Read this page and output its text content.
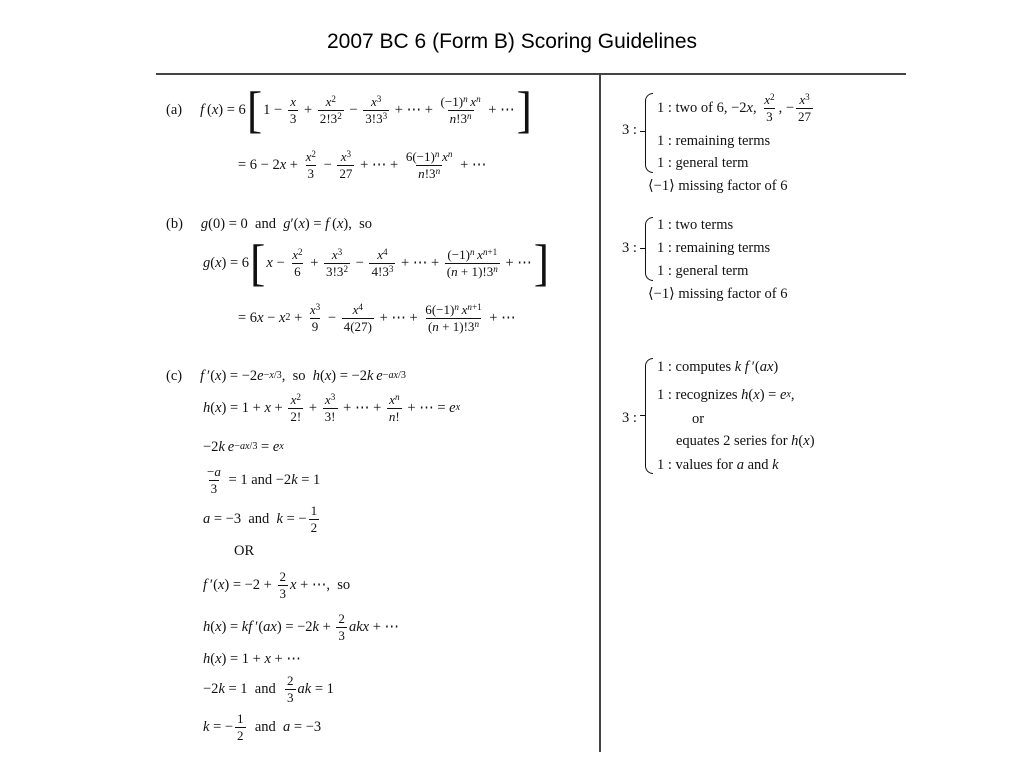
2007 BC 6 (Form B) Scoring Guidelines
(a) f  ( x ) = 6 [ $1 - \frac{x}{3} + \frac{x^2}{2!3^2} - \frac{x^3}{3!3^3}$ + ⋯ + $\frac{(-1)^n x^n}{n!3^n}$ + ⋯ ]
= 6 − 2 $x + \frac{x^2}{3} - \frac{x^3}{27}$ + ⋯ + $\frac{6(-1)^n x^n}{n!3^n}$ + ⋯
(b) g (0) = 0  and g ′( x ) = f  ( x ),  so
g ( x ) = 6 [ $x - \frac{x^2}{6} + \frac{x^3}{3!3^2} - \frac{x^4}{4!3^3}$ + ⋯ + $\frac{(-1)^n x^{n+1}}{(n + 1)!3^n}$ + ⋯ ]
= 6 x − x $2 + \frac{x^3}{9} - \frac{x^4}{4(27)}$ + ⋯ + $\frac{6(-1)^n x^{n+1}}{(n + 1)!3^n}$ + ⋯
(c) f  ′( x ) = −2 e −x/3 ,  so h ( x ) = −2 k
  e −ax/3
h ( x ) = $1 + x + \frac{x^2}{2!} + \frac{x^3}{3!}$ + ⋯ + $\frac{x^n}{n!}$ + ⋯ = e x
−2 k
  e −ax/3 = e x
$\frac{-a}{3} = 1$ and −2 k = 1
a = −3  and k = − $\frac{1}{2}$
OR
f  ′( x ) = $-2 + \frac{2}{3}$ x + ⋯,  so
h ( x ) = kf  ′( ax ) = −2 $k + \frac{2}{3}$ akx + ⋯
h ( x ) = 1 + x + ⋯
−2 k = 1  and $\frac{2}{3}$ ak = 1
k = − $\frac{1}{2}$ and a = −3
3 :
1 : two of 6, −2 x , $\frac{x^2}{3}$ , − $\frac{x^3}{27}$
1 : remaining terms
1 : general term
⟨−1⟩ missing factor of 6
3 :
1 : two terms
1 : remaining terms
1 : general term
⟨−1⟩ missing factor of 6
3 :
1 : computes k
f  ′( ax )
1 : recognizes h ( x ) = e x ,
or
equates 2 series for h ( x )
1 : values for a and k
